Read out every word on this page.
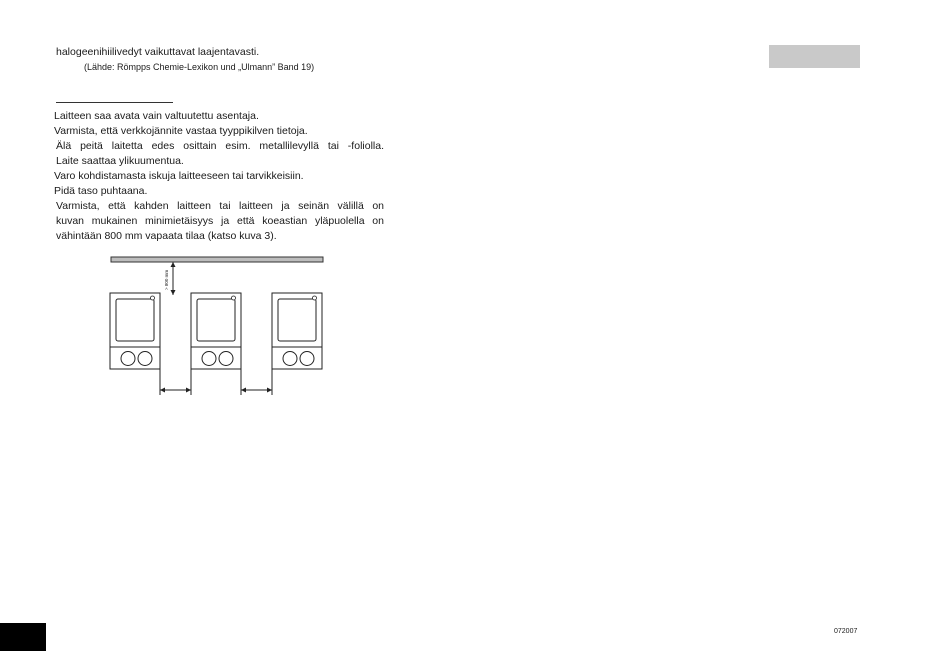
halogeenihiilivedyt vaikuttavat laajentavasti.
(Lähde: Römpps Chemie-Lexikon und „Ulmann” Band 19)
Laitteen saa avata vain valtuutettu asentaja.
Varmista, että verkkojännite vastaa tyyppikilven tietoja.
Älä peitä laitetta edes osittain esim. metallilevyllä tai -foliolla.
Laite saattaa ylikuumentua.
Varo kohdistamasta iskuja laitteeseen tai tarvikkeisiin.
Pidä taso puhtaana.
Varmista, että kahden laitteen tai laitteen ja seinän välillä on
kuvan mukainen minimietäisyys ja että koeastian yläpuolella on
vähintään 800 mm vapaata tilaa (katso kuva 3).
> 800 mm
072007
